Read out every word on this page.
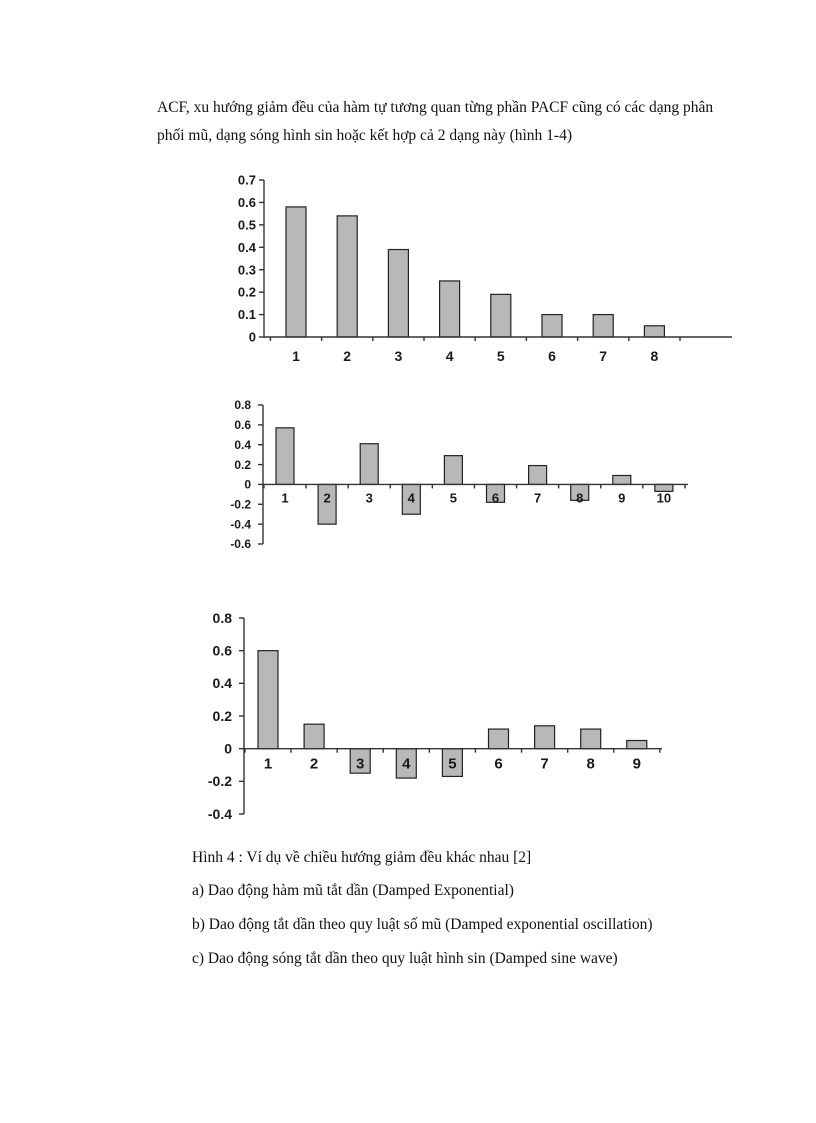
ACF, xu hướng giảm đều của hàm tự tương quan từng phần PACF cũng có các dạng phân phối mũ, dạng sóng hình sin hoặc kết hợp cả 2 dạng này (hình 1-4)

0.7
0.6
0.5
0.4
0.3
0.2
0.1
0
1	2	3	4	5	6	7	8
0.8
0.6
0.4
0.2
0
-0.2
-0.4
-0.6
1	2	3	4	5	6	7	8	9 10
0.8
0.6
0.4
0.2
0
-0.2
-0.4
1	2	3	4	5	6	7	8	9

Hình 4 : Ví dụ về chiều hướng giảm đều khác nhau [2]

a) Dao động hàm mũ tắt dần (Damped Exponential)

b) Dao động tắt dần theo quy luật số mũ (Damped exponential oscillation)

c) Dao động sóng tắt dần theo quy luật hình sin (Damped sine wave)
